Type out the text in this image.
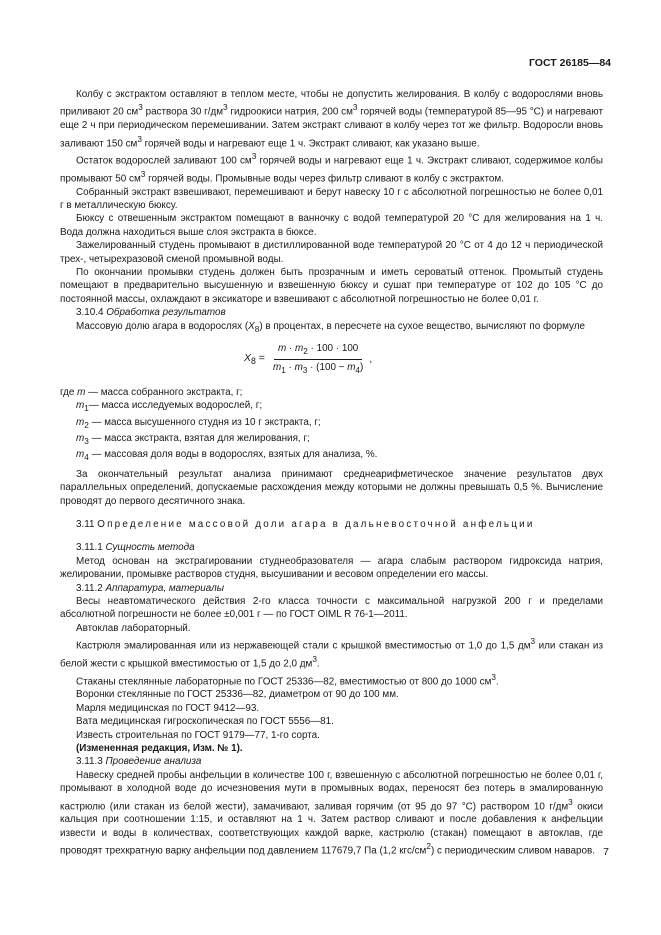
ГОСТ 26185—84

Колбу с экстрактом оставляют в теплом месте, чтобы не допустить желирования. В колбу с водорослями вновь приливают 20 $см^3$ раствора 30 $г/дм^3$ гидроокиси натрия, 200 $см^3$ горячей воды (температурой 85—95 °С) и нагревают еще 2 ч при периодическом перемешивании. Затем экстракт сливают в колбу через тот же фильтр. Водоросли вновь заливают 150 $см^3$ горячей воды и нагревают еще 1 ч. Экстракт сливают, как указано выше.

Остаток водорослей заливают 100 $см^3$ горячей воды и нагревают еще 1 ч. Экстракт сливают, содержимое колбы промывают 50 $см^3$ горячей воды. Промывные воды через фильтр сливают в колбу с экстрактом.

Собранный экстракт взвешивают, перемешивают и берут навеску 10 г с абсолютной погрешностью не более 0,01 г в металлическую бюксу.

Бюксу с отвешенным экстрактом помещают в ванночку с водой температурой 20 °С для желирования на 1 ч. Вода должна находиться выше слоя экстракта в бюксе.

Зажелированный студень промывают в дистиллированной воде температурой 20 °С от 4 до 12 ч периодической трех-, четырехразовой сменой промывной воды.

По окончании промывки студень должен быть прозрачным и иметь сероватый оттенок. Промытый студень помещают в предварительно высушенную и взвешенную бюксу и сушат при температуре от 102 до 105 °С до постоянной массы, охлаждают в эксикаторе и взвешивают с абсолютной погрешностью не более 0,01 г.

3.10.4 Обработка результатов

Массовую долю агара в водорослях $(X_8)$ в процентах, в пересчете на сухое вещество, вычисляют по формуле

$X_8 = \frac{m \cdot m_2 \cdot 100 \cdot 100}{m_1 \cdot m_3 \cdot (100 - m_4)}$ ,

где m — масса собранного экстракта, г;

$m_1—$ масса исследуемых водорослей, г;

$m_2$ — масса высушенного студня из 10 г экстракта, г;

$m_3$ — масса экстракта, взятая для желирования, г;

$m_4$ — массовая доля воды в водорослях, взятых для анализа, %.

За окончательный результат анализа принимают среднеарифметическое значение результатов двух параллельных определений, допускаемые расхождения между которыми не должны превышать 0,5 %. Вычисление проводят до первого десятичного знака.

3.11 Определение массовой доли агара в дальневосточной анфельции

3.11.1 Сущность метода

Метод основан на экстрагировании студнеобразователя — агара слабым раствором гидроксида натрия, желировании, промывке растворов студня, высушивании и весовом определении его массы.

3.11.2 Аппаратура, материалы

Весы неавтоматического действия 2-го класса точности с максимальной нагрузкой 200 г и пределами абсолютной погрешности не более ±0,001 г — по ГОСТ OIML R 76-1—2011.

Автоклав лабораторный.

Кастрюля эмалированная или из нержавеющей стали с крышкой вместимостью от 1,0 до 1,5 $дм^3$ или стакан из белой жести с крышкой вместимостью от 1,5 до 2,0 $дм^3$.

Стаканы стеклянные лабораторные по ГОСТ 25336—82, вместимостью от 800 до 1000 $см^3$.

Воронки стеклянные по ГОСТ 25336—82, диаметром от 90 до 100 мм.

Марля медицинская по ГОСТ 9412—93.

Вата медицинская гигроскопическая по ГОСТ 5556—81.

Известь строительная по ГОСТ 9179—77, 1-го сорта.

(Измененная редакция, Изм. № 1).

3.11.3 Проведение анализа

Навеску средней пробы анфельции в количестве 100 г, взвешенную с абсолютной погрешностью не более 0,01 г, промывают в холодной воде до исчезновения мути в промывных водах, переносят без потерь в эмалированную кастрюлю (или стакан из белой жести), замачивают, заливая горячим (от 95 до 97 °С) раствором 10 $г/дм^3$ окиси кальция при соотношении 1:15, и оставляют на 1 ч. Затем раствор сливают и после добавления к анфельции извести и воды в количествах, соответствующих каждой варке, кастрюлю (стакан) помещают в автоклав, где проводят трехкратную варку анфельции под давлением 117679,7 Па (1,2 кгс/$см^2$) с периодическим сливом наваров. 7
